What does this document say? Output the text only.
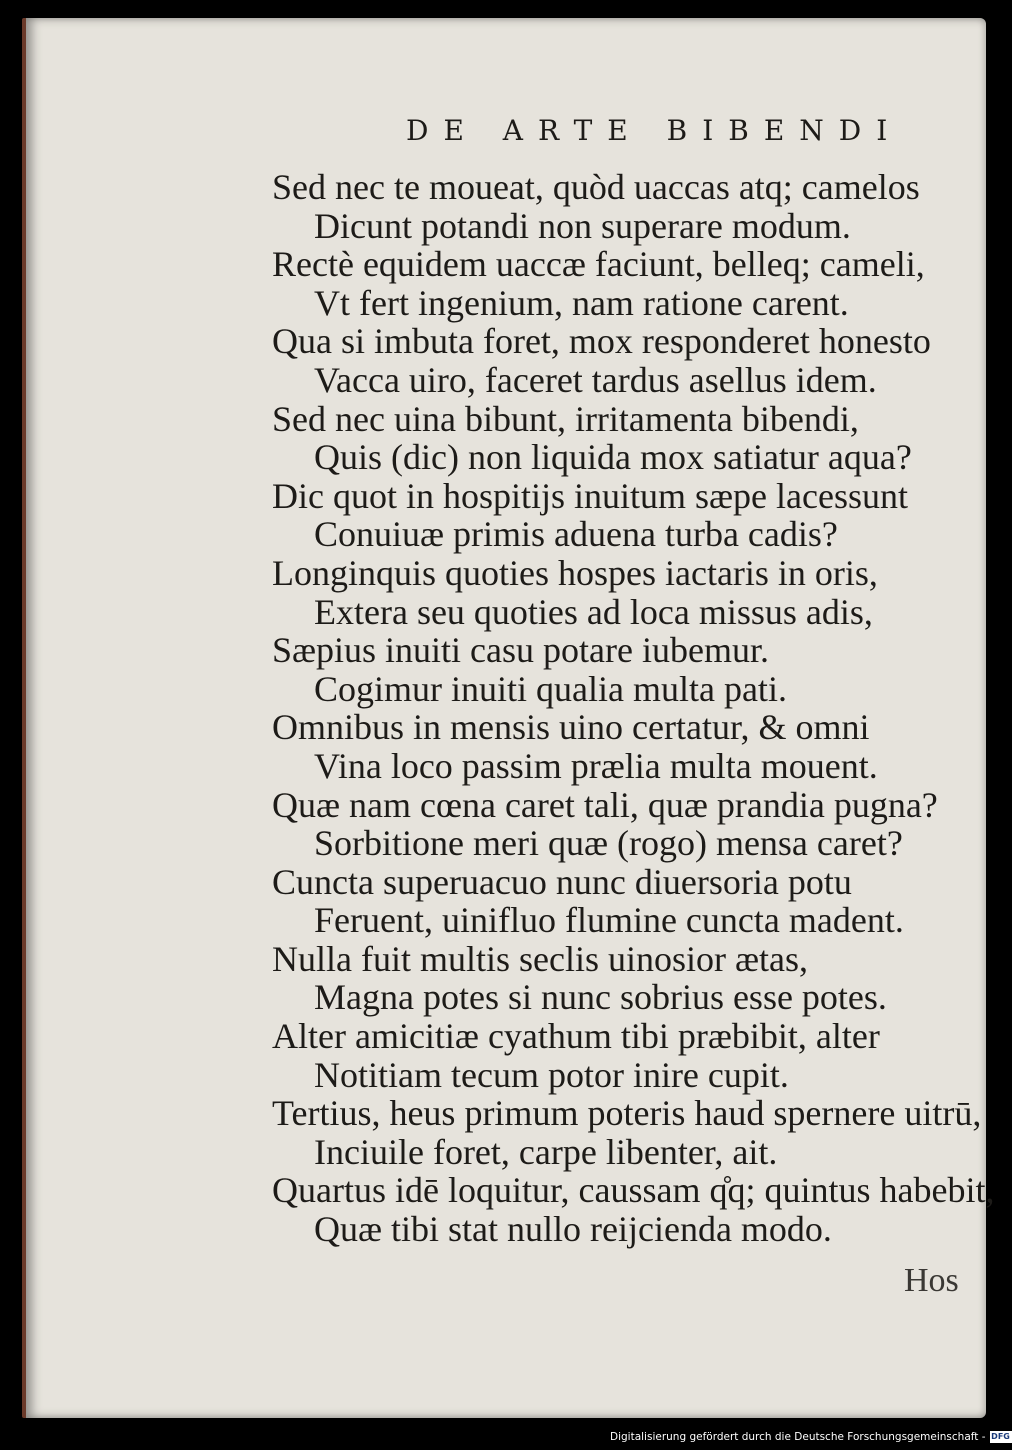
DE ARTE BIBENDI
Sed nec te moueat, quòd uaccas atq; camelos
Dicunt potandi non superare modum.
Rectè equidem uaccæ faciunt, belleq; cameli,
Vt fert ingenium, nam ratione carent.
Qua si imbuta foret, mox responderet honesto
Vacca uiro, faceret tardus asellus idem.
Sed nec uina bibunt, irritamenta bibendi,
Quis (dic) non liquida mox satiatur aqua?
Dic quot in hospitijs inuitum sæpe lacessunt
Conuiuæ primis aduena turba cadis?
Longinquis quoties hospes iactaris in oris,
Extera seu quoties ad loca missus adis,
Sæpius inuiti casu potare iubemur.
Cogimur inuiti qualia multa pati.
Omnibus in mensis uino certatur, & omni
Vina loco passim prælia multa mouent.
Quæ nam cœna caret tali, quæ prandia pugna?
Sorbitione meri quæ (rogo) mensa caret?
Cuncta superuacuo nunc diuersoria potu
Feruent, uinifluo flumine cuncta madent.
Nulla fuit multis seclis uinosior ætas,
Magna potes si nunc sobrius esse potes.
Alter amicitiæ cyathum tibi præbibit, alter
Notitiam tecum potor inire cupit.
Tertius, heus primum poteris haud spernere uitrū,
Inciuile foret, carpe libenter, ait.
Quartus idē loquitur, caussam q̊q; quintus habebit,
Quæ tibi stat nullo reijcienda modo.
Hos
Digitalisierung gefördert durch die Deutsche Forschungsgemeinschaft - DFG
